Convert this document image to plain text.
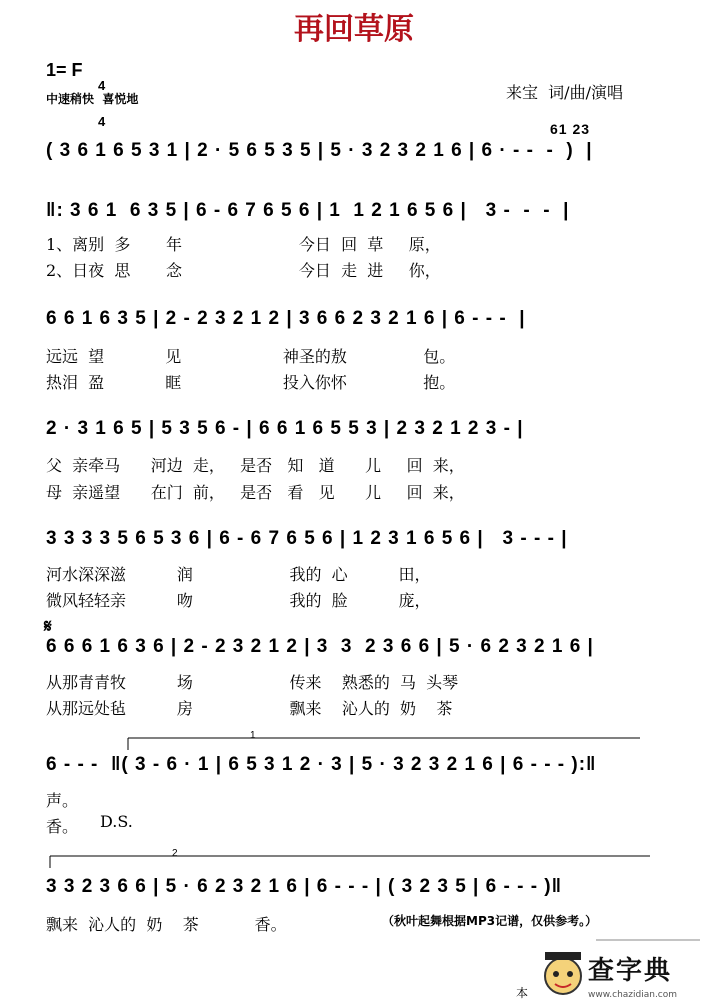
再回草原
1= F

4

4

中速稍快  喜悦地	来宝  词/曲/演唱
61 23
( 3 6 1 6 5 3 1 | 2 · 5 6 5 3 5 | 5 · 3 2 3 2 1 6 | 6 · - -  -  )  |
‖: 3 6 1  6 3 5 | 6 - 6 7 6 5 6 | 1  1 2 1 6 5 6 |   3 -  -  -  |
1、离别  多       年                       今日  回  草     原，
2、日夜  思       念                       今日  走  进     你，
6 6 1 6 3 5 | 2 - 2 3 2 1 2 | 3 6 6 2 3 2 1 6 | 6 - - -  |
远远  望            见                    神圣的敖               包。
热泪  盈            眶                    投入你怀               抱。
2 · 3 1 6 5 | 5 3 5 6 - | 6 6 1 6 5 5 3 | 2 3 2 1 2 3 - |
父  亲牵马      河边  走，   是否   知   道      儿     回  来，
母  亲遥望      在门  前，   是否   看   见      儿     回  来，
3 3 3 3 5 6 5 3 6 | 6 - 6 7 6 5 6 | 1 2 3 1 6 5 6 |   3 - - - |
河水深深滋          润                   我的  心          田，
微风轻轻亲          吻                   我的  脸          庞，
𝄋
6 6 6 1 6 3 6 | 2 - 2 3 2 1 2 | 3  3  2 3 6 6 | 5 · 6 2 3 2 1 6 |
从那青青牧          场                   传来    熟悉的  马  头琴
从那远处毡          房                   飘来    沁人的  奶    茶
1
6 - - -  ‖( 3 - 6 · 1 | 6 5 3 1 2 · 3 | 5 · 3 2 3 2 1 6 | 6 - - - ):‖
声。
香。 D.S.
2
3 3 2 3 6 6 | 5 · 6 2 3 2 1 6 | 6 - - - | ( 3 2 3 5 | 6 - - - )‖
飘来  沁人的  奶    茶           香。	（秋叶起舞根据MP3记谱，仅供参考。）
本
查字典
www.chazidian.com
